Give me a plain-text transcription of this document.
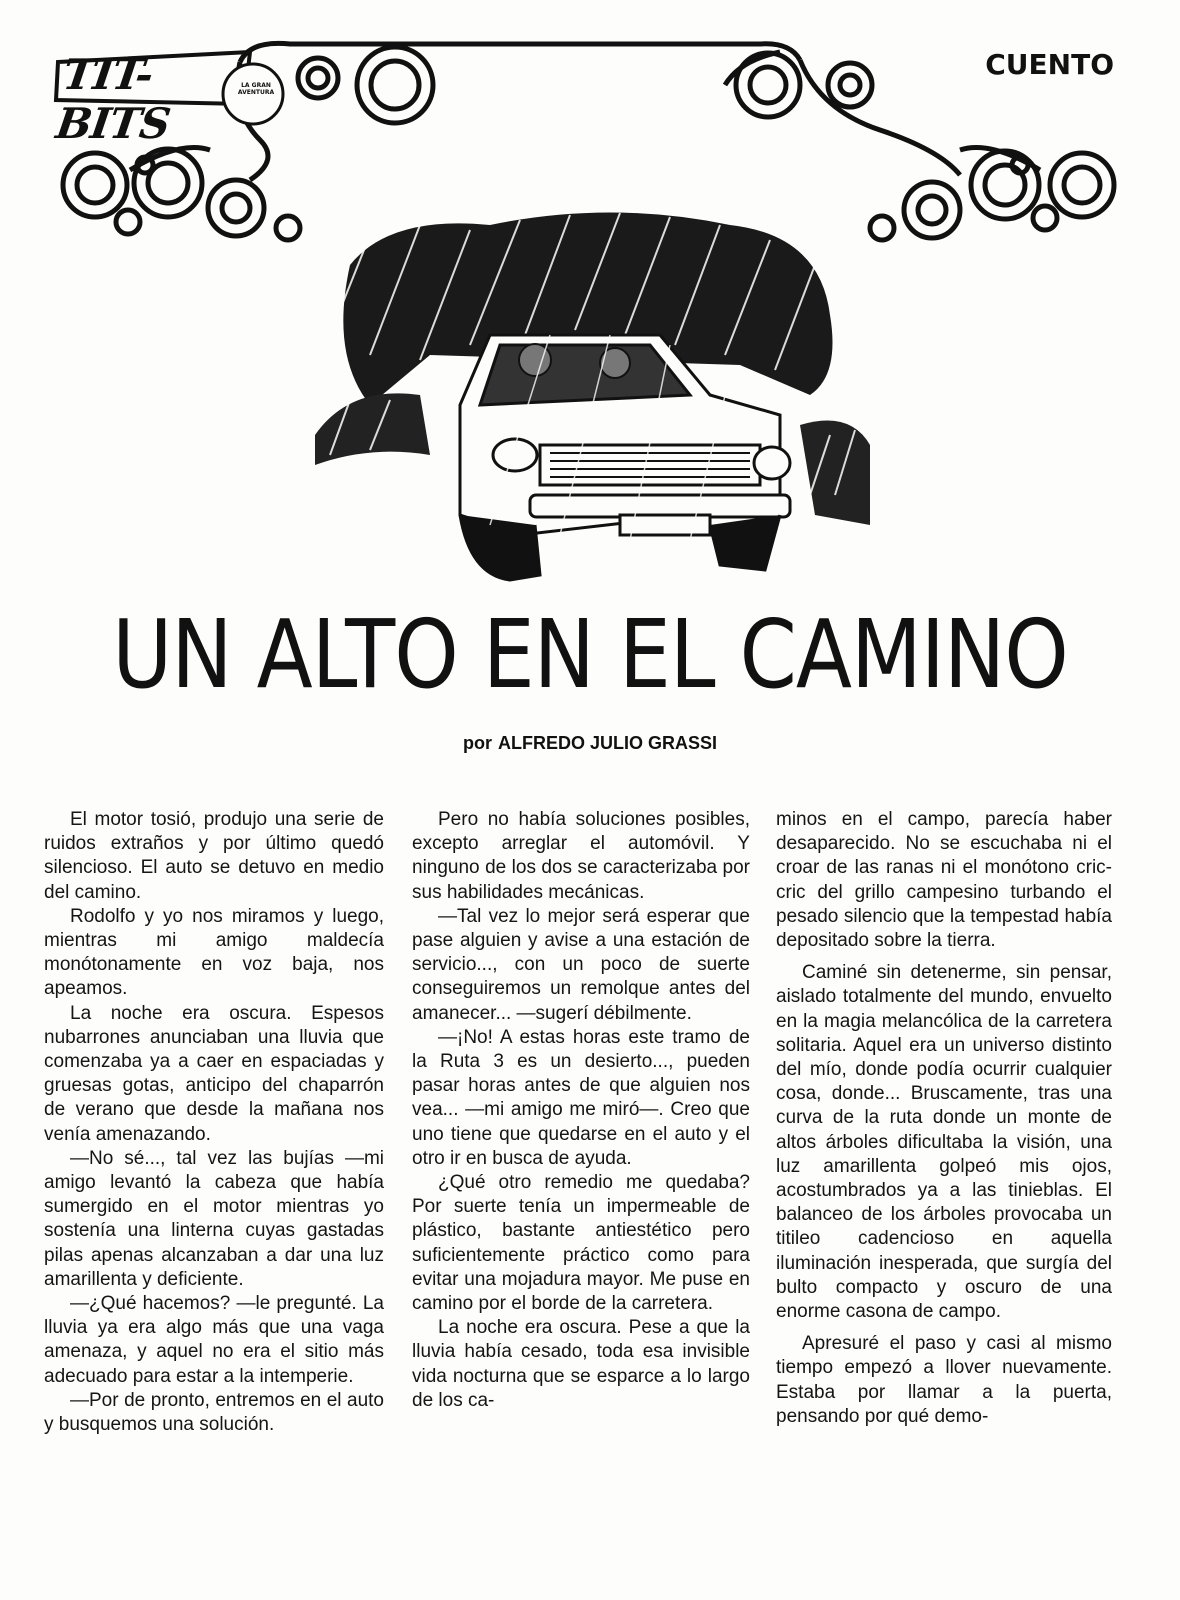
TIT-BITS
LA GRAN AVENTURA
CUENTO
UN ALTO EN EL CAMINO
por ALFREDO JULIO GRASSI

El motor tosió, produjo una serie de ruidos extraños y por último quedó silencioso. El auto se detuvo en medio del camino.

Rodolfo y yo nos miramos y luego, mientras mi amigo maldecía monótonamente en voz baja, nos apeamos.

La noche era oscura. Espesos nubarrones anunciaban una lluvia que comenzaba ya a caer en espaciadas y gruesas gotas, anticipo del chaparrón de verano que desde la mañana nos venía amenazando.

—No sé..., tal vez las bujías —mi amigo levantó la cabeza que había sumergido en el motor mientras yo sostenía una linterna cuyas gastadas pilas apenas alcanzaban a dar una luz amarillenta y deficiente.

—¿Qué hacemos? —le pregunté. La lluvia ya era algo más que una vaga amenaza, y aquel no era el sitio más adecuado para estar a la intemperie.

—Por de pronto, entremos en el auto y busquemos una solución.

Pero no había soluciones posibles, excepto arreglar el automóvil. Y ninguno de los dos se caracterizaba por sus habilidades mecánicas.

—Tal vez lo mejor será esperar que pase alguien y avise a una estación de servicio..., con un poco de suerte conseguiremos un remolque antes del amanecer... —sugerí débilmente.

—¡No! A estas horas este tramo de la Ruta 3 es un desierto..., pueden pasar horas antes de que alguien nos vea... —mi amigo me miró—. Creo que uno tiene que quedarse en el auto y el otro ir en busca de ayuda.

¿Qué otro remedio me quedaba? Por suerte tenía un impermeable de plástico, bastante antiestético pero suficientemente práctico como para evitar una mojadura mayor. Me puse en camino por el borde de la carretera.

La noche era oscura. Pese a que la lluvia había cesado, toda esa invisible vida nocturna que se esparce a lo largo de los ca-

minos en el campo, parecía haber desaparecido. No se escuchaba ni el croar de las ranas ni el monótono cric-cric del grillo campesino turbando el pesado silencio que la tempestad había depositado sobre la tierra.

Caminé sin detenerme, sin pensar, aislado totalmente del mundo, envuelto en la magia melancólica de la carretera solitaria. Aquel era un universo distinto del mío, donde podía ocurrir cualquier cosa, donde... Bruscamente, tras una curva de la ruta donde un monte de altos árboles dificultaba la visión, una luz amarillenta golpeó mis ojos, acostumbrados ya a las tinieblas. El balanceo de los árboles provocaba un titileo cadencioso en aquella iluminación inesperada, que surgía del bulto compacto y oscuro de una enorme casona de campo.

Apresuré el paso y casi al mismo tiempo empezó a llover nuevamente. Estaba por llamar a la puerta, pensando por qué demo-
